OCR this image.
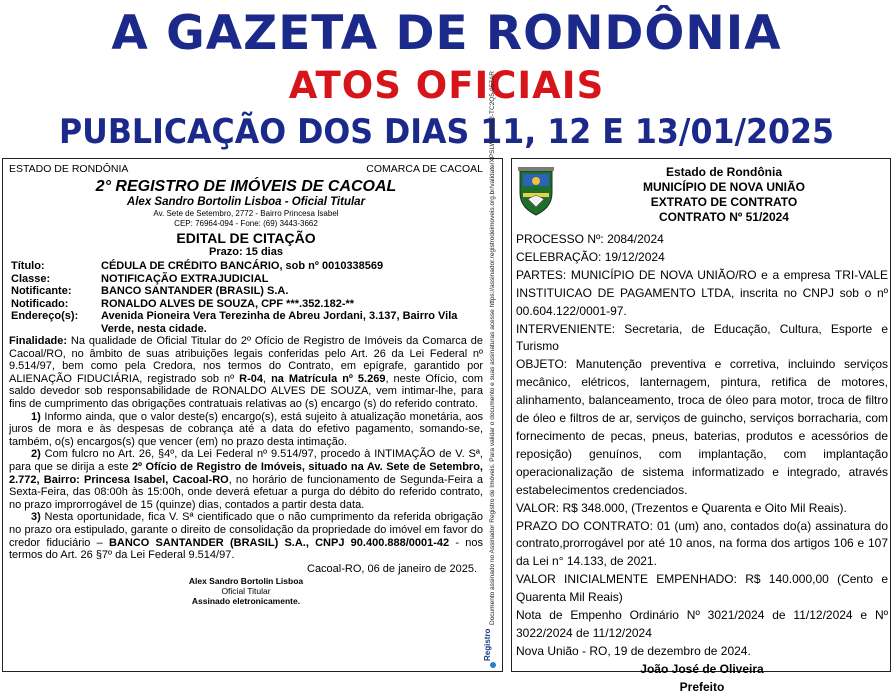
A GAZETA DE RONDÔNIA
ATOS OFICIAIS
PUBLICAÇÃO DOS DIAS 11, 12 E 13/01/2025
ESTADO DE RONDÔNIA	COMARCA DE CACOAL
2° REGISTRO DE IMÓVEIS DE CACOAL
Alex Sandro Bortolin Lisboa - Oficial Titular
Av. Sete de Setembro, 2772 - Bairro Princesa Isabel
CEP: 76964-094 - Fone: (69) 3443-3662
EDITAL DE CITAÇÃO
Prazo: 15 dias
Título:	CÉDULA DE CRÉDITO BANCÁRIO, sob nº 0010338569
Classe:	NOTIFICAÇÃO EXTRAJUDICIAL
Notificante:	BANCO SANTANDER (BRASIL) S.A.
Notificado:	RONALDO ALVES DE SOUZA, CPF ***.352.182-**
Endereço(s):	Avenida Pioneira Vera Terezinha de Abreu Jordani, 3.137, Bairro Vila Verde, nesta cidade.

Finalidade: Na qualidade de Oficial Titular do 2º Ofício de Registro de Imóveis da Comarca de Cacoal/RO, no âmbito de suas atribuições legais conferidas pelo Art. 26 da Lei Federal nº 9.514/97, bem como pela Credora, nos termos do Contrato, em epígrafe, garantido por ALIENAÇÃO FIDUCIÁRIA, registrado sob nº R-04, na Matrícula nº 5.269, neste Ofício, com saldo devedor sob responsabilidade de RONALDO ALVES DE SOUZA, vem intimar-lhe, para fins de cumprimento das obrigações contratuais relativas ao (s) encargo (s) do referido contrato.

1) Informo ainda, que o valor deste(s) encargo(s), está sujeito à atualização monetária, aos juros de mora e às despesas de cobrança até a data do efetivo pagamento, somando-se, também, o(s) encargos(s) que vencer (em) no prazo desta intimação.

2) Com fulcro no Art. 26, §4º, da Lei Federal nº 9.514/97, procedo à INTIMAÇÃO de V. Sª, para que se dirija a este 2º Ofício de Registro de Imóveis, situado na Av. Sete de Setembro, 2.772, Bairro: Princesa Isabel, Cacoal-RO, no horário de funcionamento de Segunda-Feira a Sexta-Feira, das 08:00h às 15:00h, onde deverá efetuar a purga do débito do referido contrato, no prazo improrrogável de 15 (quinze) dias, contados a partir desta data.

3) Nesta oportunidade, fica V. Sª cientificado que o não cumprimento da referida obrigação no prazo ora estipulado, garante o direito de consolidação da propriedade do imóvel em favor do credor fiduciário – BANCO SANTANDER (BRASIL) S.A., CNPJ 90.400.888/0001-42 - nos termos do Art. 26 §7º da Lei Federal 9.514/97.

Cacoal-RO, 06 de janeiro de 2025.
Alex Sandro Bortolin Lisboa
Oficial Titular
Assinado eletronicamente.	Documento assinado no Assinador Registro de Imóveis. Para validar o documento e suas assinaturas acesse https://assinador.registrodeimoveis.org.br/validate/XPSLW-UPRN2-TC2Q5-957AR
Registro
Estado de Rondônia
MUNICÍPIO DE NOVA UNIÃO
EXTRATO DE CONTRATO
CONTRATO Nº 51/2024
PROCESSO Nº: 2084/2024
CELEBRAÇÃO: 19/12/2024
PARTES: MUNICÍPIO DE NOVA UNIÃO/RO e a empresa TRI-VALE INSTITUICAO DE PAGAMENTO LTDA, inscrita no CNPJ sob o nº 00.604.122/0001-97.
INTERVENIENTE: Secretaria, de Educação, Cultura, Esporte e Turismo
OBJETO: Manutenção preventiva e corretiva, incluindo serviços mecânico, elétricos, lanternagem, pintura, retifica de motores, alinhamento, balanceamento, troca de óleo para motor, troca de filtro de óleo e filtros de ar, serviços de guincho, serviços borracharia, com fornecimento de pecas, pneus, baterias, produtos e acessórios de reposição) genuínos, com implantação, com implantação operacionalização de sistema informatizado e integrado, através estabelecimentos credenciados.
VALOR: R$ 348.000, (Trezentos e Quarenta e Oito Mil Reais).
PRAZO DO CONTRATO: 01 (um) ano, contados do(a) assinatura do contrato,prorrogável por até 10 anos, na forma dos artigos 106 e 107 da Lei n° 14.133, de 2021.
VALOR INICIALMENTE EMPENHADO: R$ 140.000,00 (Cento e Quarenta Mil Reais)
Nota de Empenho Ordinário Nº 3021/2024 de 11/12/2024 e Nº 3022/2024 de 11/12/2024
Nova União - RO, 19 de dezembro de 2024.
João José de Oliveira
Prefeito
